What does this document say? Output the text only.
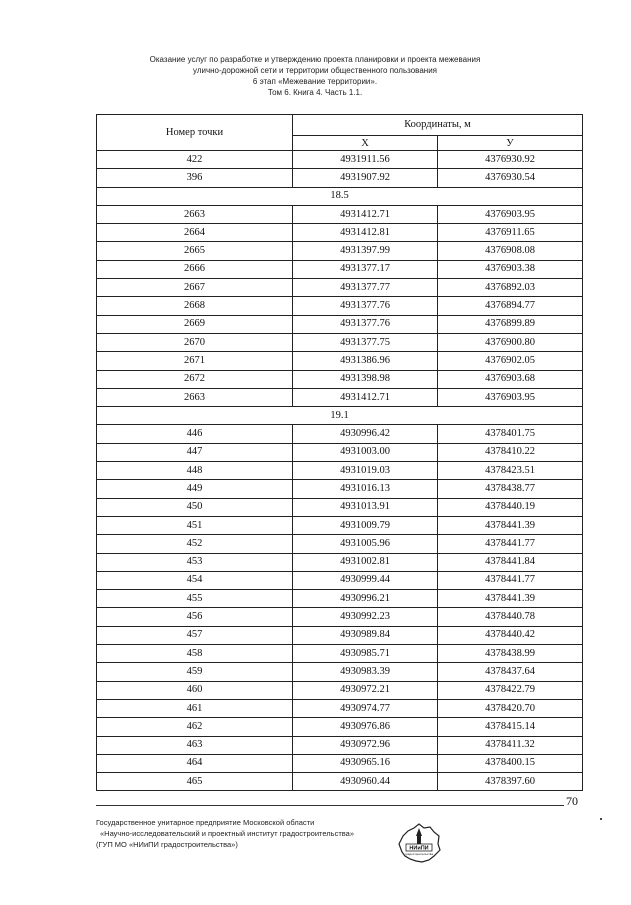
Оказание услуг по разработке и утверждению проекта планировки и проекта межевания
улично-дорожной сети и территории общественного пользования
6 этап «Межевание территории».
Том 6. Книга 4. Часть 1.1.
Номер точки	Координаты, м	
	X	У
422	4931911.56	4376930.92
396	4931907.92	4376930.54
18.5		
2663	4931412.71	4376903.95
2664	4931412.81	4376911.65
2665	4931397.99	4376908.08
2666	4931377.17	4376903.38
2667	4931377.77	4376892.03
2668	4931377.76	4376894.77
2669	4931377.76	4376899.89
2670	4931377.75	4376900.80
2671	4931386.96	4376902.05
2672	4931398.98	4376903.68
2663	4931412.71	4376903.95
19.1		
446	4930996.42	4378401.75
447	4931003.00	4378410.22
448	4931019.03	4378423.51
449	4931016.13	4378438.77
450	4931013.91	4378440.19
451	4931009.79	4378441.39
452	4931005.96	4378441.77
453	4931002.81	4378441.84
454	4930999.44	4378441.77
455	4930996.21	4378441.39
456	4930992.23	4378440.78
457	4930989.84	4378440.42
458	4930985.71	4378438.99
459	4930983.39	4378437.64
460	4930972.21	4378422.79
461	4930974.77	4378420.70
462	4930976.86	4378415.14
463	4930972.96	4378411.32
464	4930965.16	4378400.15
465	4930960.44	4378397.60
70
Государственное унитарное предприятие Московской области
«Научно-исследовательский и проектный институт градостроительства»
(ГУП МО «НИиПИ градостроительства»)	НИиПИ
градостроительства
